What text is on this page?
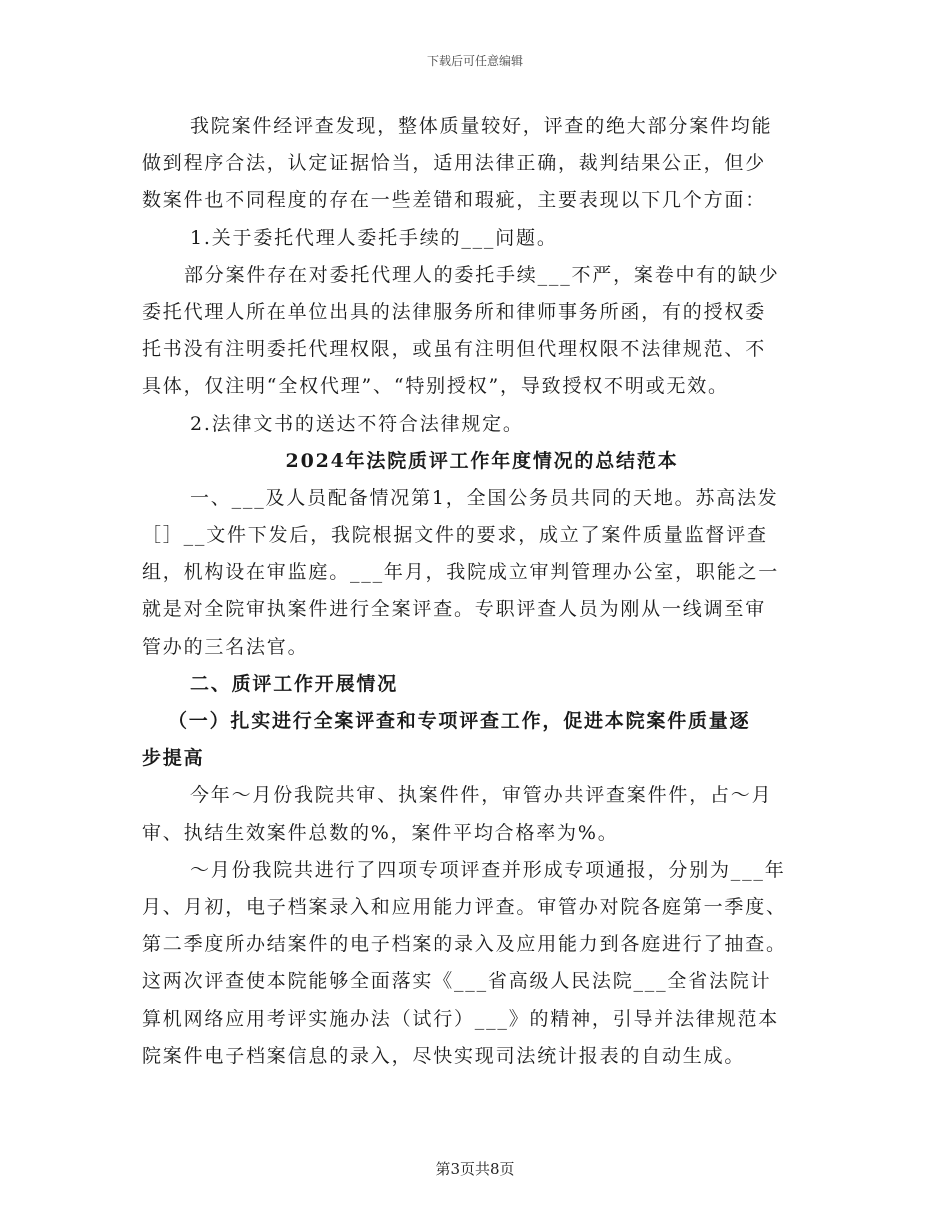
下载后可任意编辑

我院案件经评查发现，整体质量较好，评查的绝大部分案件均能

做到程序合法，认定证据恰当，适用法律正确，裁判结果公正，但少

数案件也不同程度的存在一些差错和瑕疵，主要表现以下几个方面：

1.关于委托代理人委托手续的___问题。

部分案件存在对委托代理人的委托手续___不严，案卷中有的缺少

委托代理人所在单位出具的法律服务所和律师事务所函，有的授权委

托书没有注明委托代理权限，或虽有注明但代理权限不法律规范、不

具体，仅注明“全权代理”、“特别授权”，导致授权不明或无效。

2.法律文书的送达不符合法律规定。

2024年法院质评工作年度情况的总结范本

一、___及人员配备情况第1，全国公务员共同的天地。苏高法发

［］__文件下发后，我院根据文件的要求，成立了案件质量监督评查

组，机构设在审监庭。___年月，我院成立审判管理办公室，职能之一

就是对全院审执案件进行全案评查。专职评查人员为刚从一线调至审

管办的三名法官。

二、质评工作开展情况

（一）扎实进行全案评查和专项评查工作，促进本院案件质量逐

步提高

今年～月份我院共审、执案件件，审管办共评查案件件，占～月

审、执结生效案件总数的%，案件平均合格率为%。

～月份我院共进行了四项专项评查并形成专项通报，分别为___年

月、月初，电子档案录入和应用能力评查。审管办对院各庭第一季度、

第二季度所办结案件的电子档案的录入及应用能力到各庭进行了抽查。

这两次评查使本院能够全面落实《___省高级人民法院___全省法院计

算机网络应用考评实施办法（试行）___》的精神，引导并法律规范本

院案件电子档案信息的录入，尽快实现司法统计报表的自动生成。

第3页共8页
